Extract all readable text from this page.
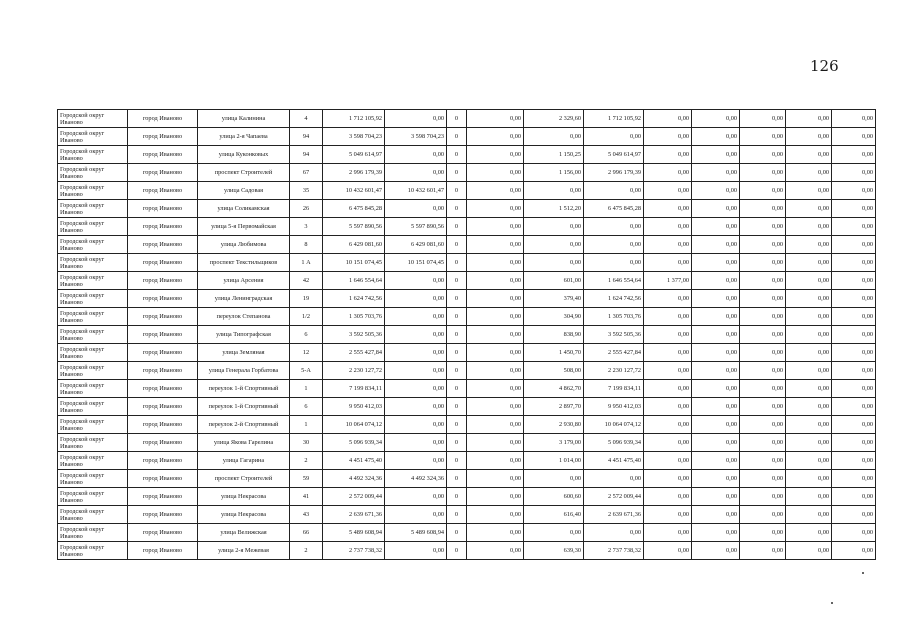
126
Городской округ Иваново	город Иваново	улица Калинина	4	1 712 105,92	0,00	0	0,00	2 329,60	1 712 105,92	0,00	0,00	0,00	0,00	0,00
Городской округ Иваново	город Иваново	улица 2-я Чапаева	94	3 598 704,23	3 598 704,23	0	0,00	0,00	0,00	0,00	0,00	0,00	0,00	0,00
Городской округ Иваново	город Иваново	улица Куконковых	94	5 049 614,97	0,00	0	0,00	1 150,25	5 049 614,97	0,00	0,00	0,00	0,00	0,00
Городской округ Иваново	город Иваново	проспект Строителей	67	2 996 179,39	0,00	0	0,00	1 156,00	2 996 179,39	0,00	0,00	0,00	0,00	0,00
Городской округ Иваново	город Иваново	улица Садовая	35	10 432 601,47	10 432 601,47	0	0,00	0,00	0,00	0,00	0,00	0,00	0,00	0,00
Городской округ Иваново	город Иваново	улица Соликамская	26	6 475 845,28	0,00	0	0,00	1 512,20	6 475 845,28	0,00	0,00	0,00	0,00	0,00
Городской округ Иваново	город Иваново	улица 5-я Первомайская	3	5 597 890,56	5 597 890,56	0	0,00	0,00	0,00	0,00	0,00	0,00	0,00	0,00
Городской округ Иваново	город Иваново	улица Любимова	8	6 429 081,60	6 429 081,60	0	0,00	0,00	0,00	0,00	0,00	0,00	0,00	0,00
Городской округ Иваново	город Иваново	проспект Текстильщиков	1 А	10 151 074,45	10 151 074,45	0	0,00	0,00	0,00	0,00	0,00	0,00	0,00	0,00
Городской округ Иваново	город Иваново	улица Арсения	42	1 646 554,64	0,00	0	0,00	601,00	1 646 554,64	1 377,00	0,00	0,00	0,00	0,00
Городской округ Иваново	город Иваново	улица Ленинградская	19	1 624 742,56	0,00	0	0,00	379,40	1 624 742,56	0,00	0,00	0,00	0,00	0,00
Городской округ Иваново	город Иваново	переулок Степанова	1/2	1 305 703,76	0,00	0	0,00	304,90	1 305 703,76	0,00	0,00	0,00	0,00	0,00
Городской округ Иваново	город Иваново	улица Типографская	6	3 592 505,36	0,00	0	0,00	838,90	3 592 505,36	0,00	0,00	0,00	0,00	0,00
Городской округ Иваново	город Иваново	улица Земляная	12	2 555 427,84	0,00	0	0,00	1 450,70	2 555 427,84	0,00	0,00	0,00	0,00	0,00
Городской округ Иваново	город Иваново	улица Генерала Горбатова	5-А	2 230 127,72	0,00	0	0,00	508,00	2 230 127,72	0,00	0,00	0,00	0,00	0,00
Городской округ Иваново	город Иваново	переулок 1-й Спортивный	1	7 199 834,11	0,00	0	0,00	4 862,70	7 199 834,11	0,00	0,00	0,00	0,00	0,00
Городской округ Иваново	город Иваново	переулок 1-й Спортивный	6	9 950 412,03	0,00	0	0,00	2 897,70	9 950 412,03	0,00	0,00	0,00	0,00	0,00
Городской округ Иваново	город Иваново	переулок 2-й Спортивный	1	10 064 074,12	0,00	0	0,00	2 930,80	10 064 074,12	0,00	0,00	0,00	0,00	0,00
Городской округ Иваново	город Иваново	улица Якова Гарелина	30	5 096 939,34	0,00	0	0,00	3 179,00	5 096 939,34	0,00	0,00	0,00	0,00	0,00
Городской округ Иваново	город Иваново	улица Гагарина	2	4 451 475,40	0,00	0	0,00	1 014,00	4 451 475,40	0,00	0,00	0,00	0,00	0,00
Городской округ Иваново	город Иваново	проспект Строителей	59	4 492 324,36	4 492 324,36	0	0,00	0,00	0,00	0,00	0,00	0,00	0,00	0,00
Городской округ Иваново	город Иваново	улица Некрасова	41	2 572 009,44	0,00	0	0,00	600,60	2 572 009,44	0,00	0,00	0,00	0,00	0,00
Городской округ Иваново	город Иваново	улица Некрасова	43	2 639 671,36	0,00	0	0,00	616,40	2 639 671,36	0,00	0,00	0,00	0,00	0,00
Городской округ Иваново	город Иваново	улица Велижская	66	5 489 608,94	5 489 608,94	0	0,00	0,00	0,00	0,00	0,00	0,00	0,00	0,00
Городской округ Иваново	город Иваново	улица 2-я Межевая	2	2 737 738,32	0,00	0	0,00	639,30	2 737 738,32	0,00	0,00	0,00	0,00	0,00
